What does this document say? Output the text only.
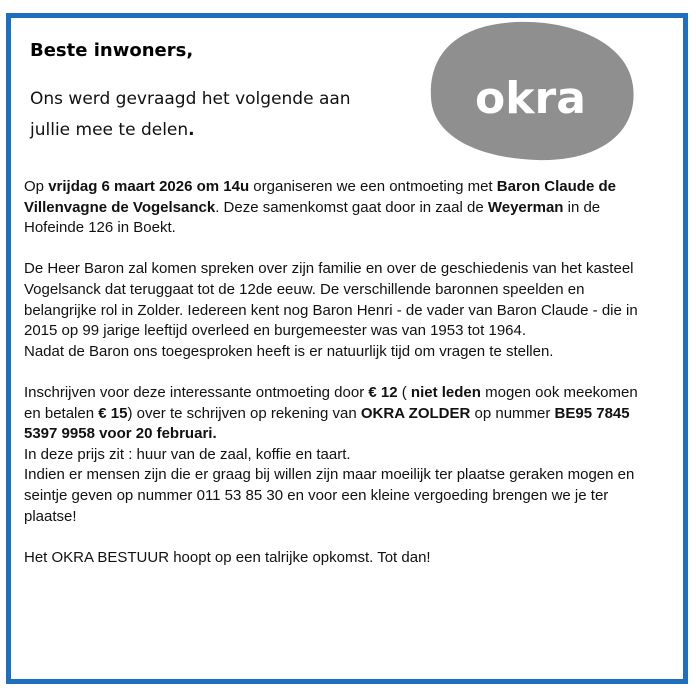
Beste inwoners,

Ons werd gevraagd het volgende aan
jullie mee te delen.

okra

Op vrijdag 6 maart 2026 om 14u organiseren we een ontmoeting met Baron Claude de Villenvagne de Vogelsanck. Deze samenkomst gaat door in zaal de Weyerman in de Hofeinde 126 in Boekt.

De Heer Baron zal komen spreken over zijn familie en over de geschiedenis van het kasteel Vogelsanck dat teruggaat tot de 12de eeuw. De verschillende baronnen speelden en belangrijke rol in Zolder. Iedereen kent nog Baron Henri - de vader van Baron Claude - die in 2015 op 99 jarige leeftijd overleed en burgemeester was van 1953 tot 1964.

Nadat de Baron ons toegesproken heeft is er natuurlijk tijd om vragen te stellen.

Inschrijven voor deze interessante ontmoeting door € 12 ( niet leden mogen ook meekomen en betalen € 15) over te schrijven op rekening van OKRA ZOLDER op nummer BE95 7845 5397 9958 voor 20 februari.

In deze prijs zit : huur van de zaal, koffie en taart.

Indien er mensen zijn die er graag bij willen zijn maar moeilijk ter plaatse geraken mogen en seintje geven op nummer 011 53 85 30 en voor een kleine vergoeding brengen we je ter plaatse!

Het OKRA BESTUUR hoopt op een talrijke opkomst. Tot dan!
